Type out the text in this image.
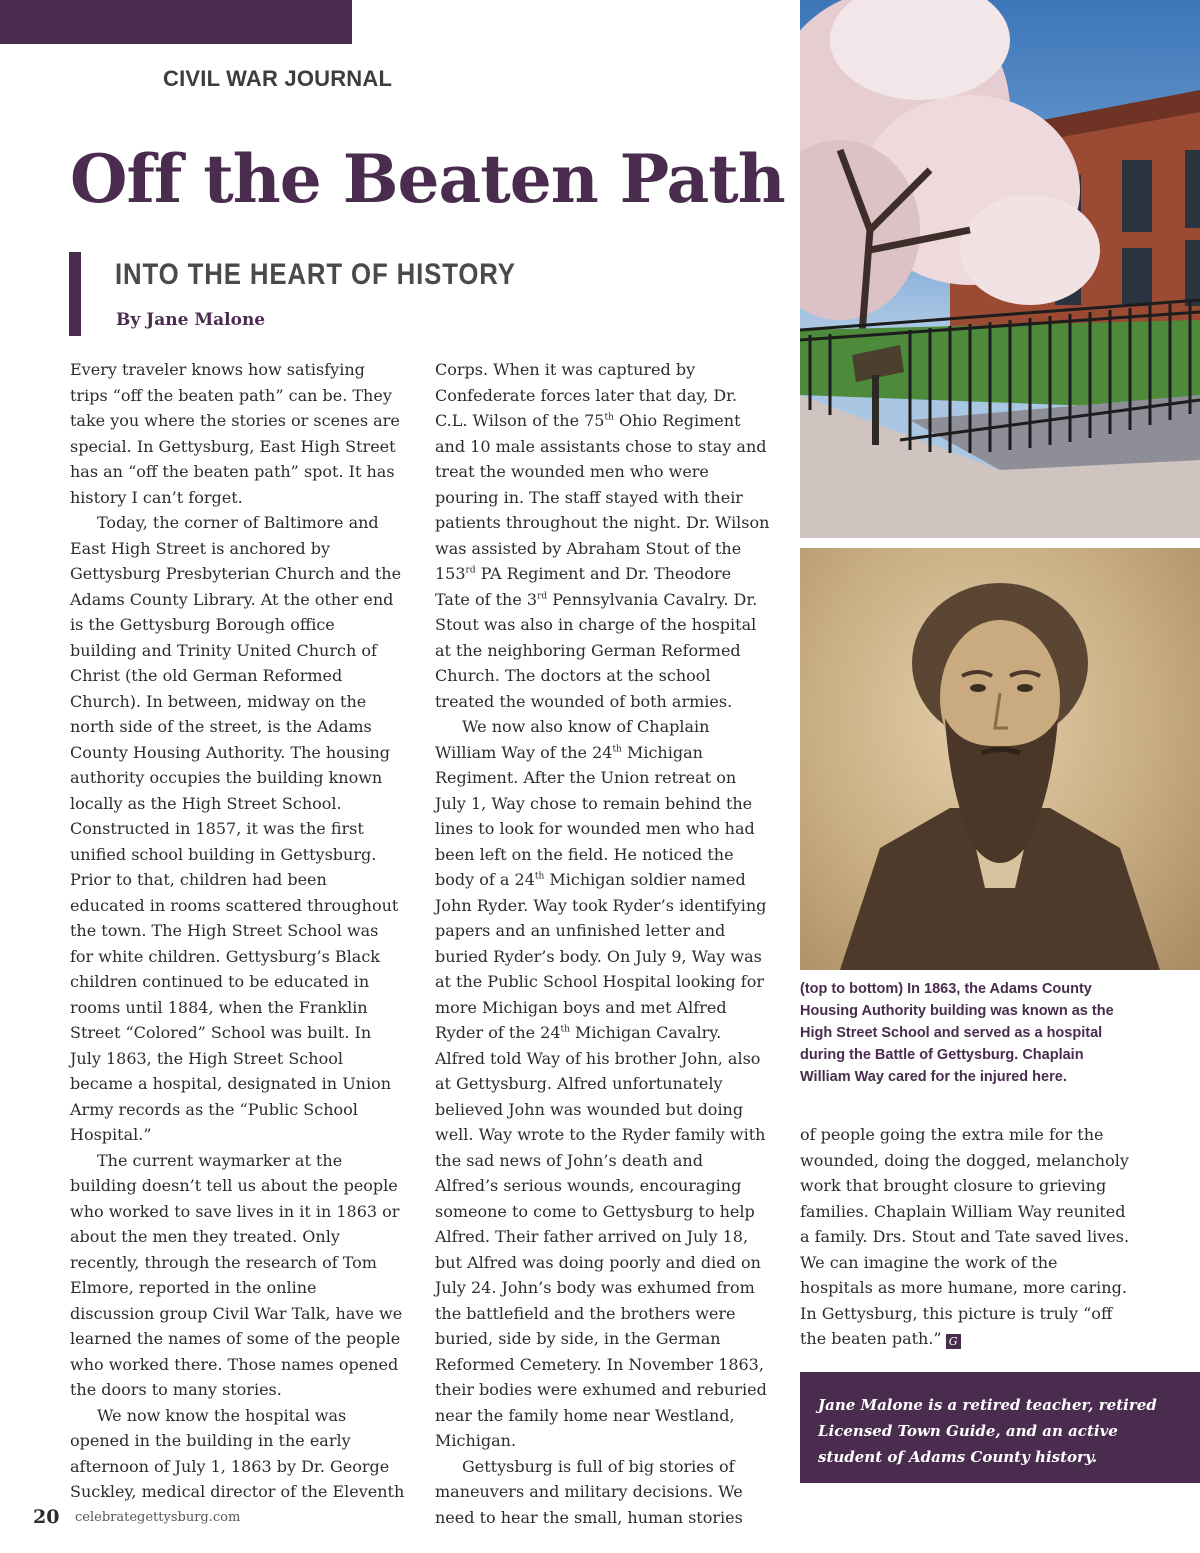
CIVIL WAR JOURNAL
Off the Beaten Path
INTO THE HEART OF HISTORY
By Jane Malone

Every traveler knows how satisfying trips “off the beaten path” can be. They take you where the stories or scenes are special. In Gettysburg, East High Street has an “off the beaten path” spot. It has history I can’t forget.

Today, the corner of Baltimore and East High Street is anchored by Gettysburg Presbyterian Church and the Adams County Library. At the other end is the Gettysburg Borough office building and Trinity United Church of Christ (the old German Reformed Church). In between, midway on the north side of the street, is the Adams County Housing Authority. The housing authority occupies the building known locally as the High Street School. Constructed in 1857, it was the first unified school building in Gettysburg. Prior to that, children had been educated in rooms scattered throughout the town. The High Street School was for white children. Gettysburg’s Black children continued to be educated in rooms until 1884, when the Franklin Street “Colored” School was built. In July 1863, the High Street School became a hospital, designated in Union Army records as the “Public School Hospital.”

The current waymarker at the building doesn’t tell us about the people who worked to save lives in it in 1863 or about the men they treated. Only recently, through the research of Tom Elmore, reported in the online discussion group Civil War Talk, have we learned the names of some of the people who worked there. Those names opened the doors to many stories.

We now know the hospital was opened in the building in the early afternoon of July 1, 1863 by Dr. George Suckley, medical director of the Eleventh

Corps. When it was captured by Confederate forces later that day, Dr. C.L. Wilson of the 75th Ohio Regiment and 10 male assistants chose to stay and treat the wounded men who were pouring in. The staff stayed with their patients throughout the night. Dr. Wilson was assisted by Abraham Stout of the 153rd PA Regiment and Dr. Theodore Tate of the 3rd Pennsylvania Cavalry. Dr. Stout was also in charge of the hospital at the neighboring German Reformed Church. The doctors at the school treated the wounded of both armies.

We now also know of Chaplain William Way of the 24th Michigan Regiment. After the Union retreat on July 1, Way chose to remain behind the lines to look for wounded men who had been left on the field. He noticed the body of a 24th Michigan soldier named John Ryder. Way took Ryder’s identifying papers and an unfinished letter and buried Ryder’s body. On July 9, Way was at the Public School Hospital looking for more Michigan boys and met Alfred Ryder of the 24th Michigan Cavalry. Alfred told Way of his brother John, also at Gettysburg. Alfred unfortunately believed John was wounded but doing well. Way wrote to the Ryder family with the sad news of John’s death and Alfred’s serious wounds, encouraging someone to come to Gettysburg to help Alfred. Their father arrived on July 18, but Alfred was doing poorly and died on July 24. John’s body was exhumed from the battlefield and the brothers were buried, side by side, in the German Reformed Cemetery. In November 1863, their bodies were exhumed and reburied near the family home near Westland, Michigan.

Gettysburg is full of big stories of maneuvers and military decisions. We need to hear the small, human stories

of people going the extra mile for the wounded, doing the dogged, melancholy work that brought closure to grieving families. Chaplain William Way reunited a family. Drs. Stout and Tate saved lives. We can imagine the work of the hospitals as more humane, more caring. In Gettysburg, this picture is truly “off the beaten path.” G

(top to bottom) In 1863, the Adams County Housing Authority building was known as the High Street School and served as a hospital during the Battle of Gettysburg. Chaplain William Way cared for the injured here.

Jane Malone is a retired teacher, retired Licensed Town Guide, and an active student of Adams County history.

20 celebrategettysburg.com
